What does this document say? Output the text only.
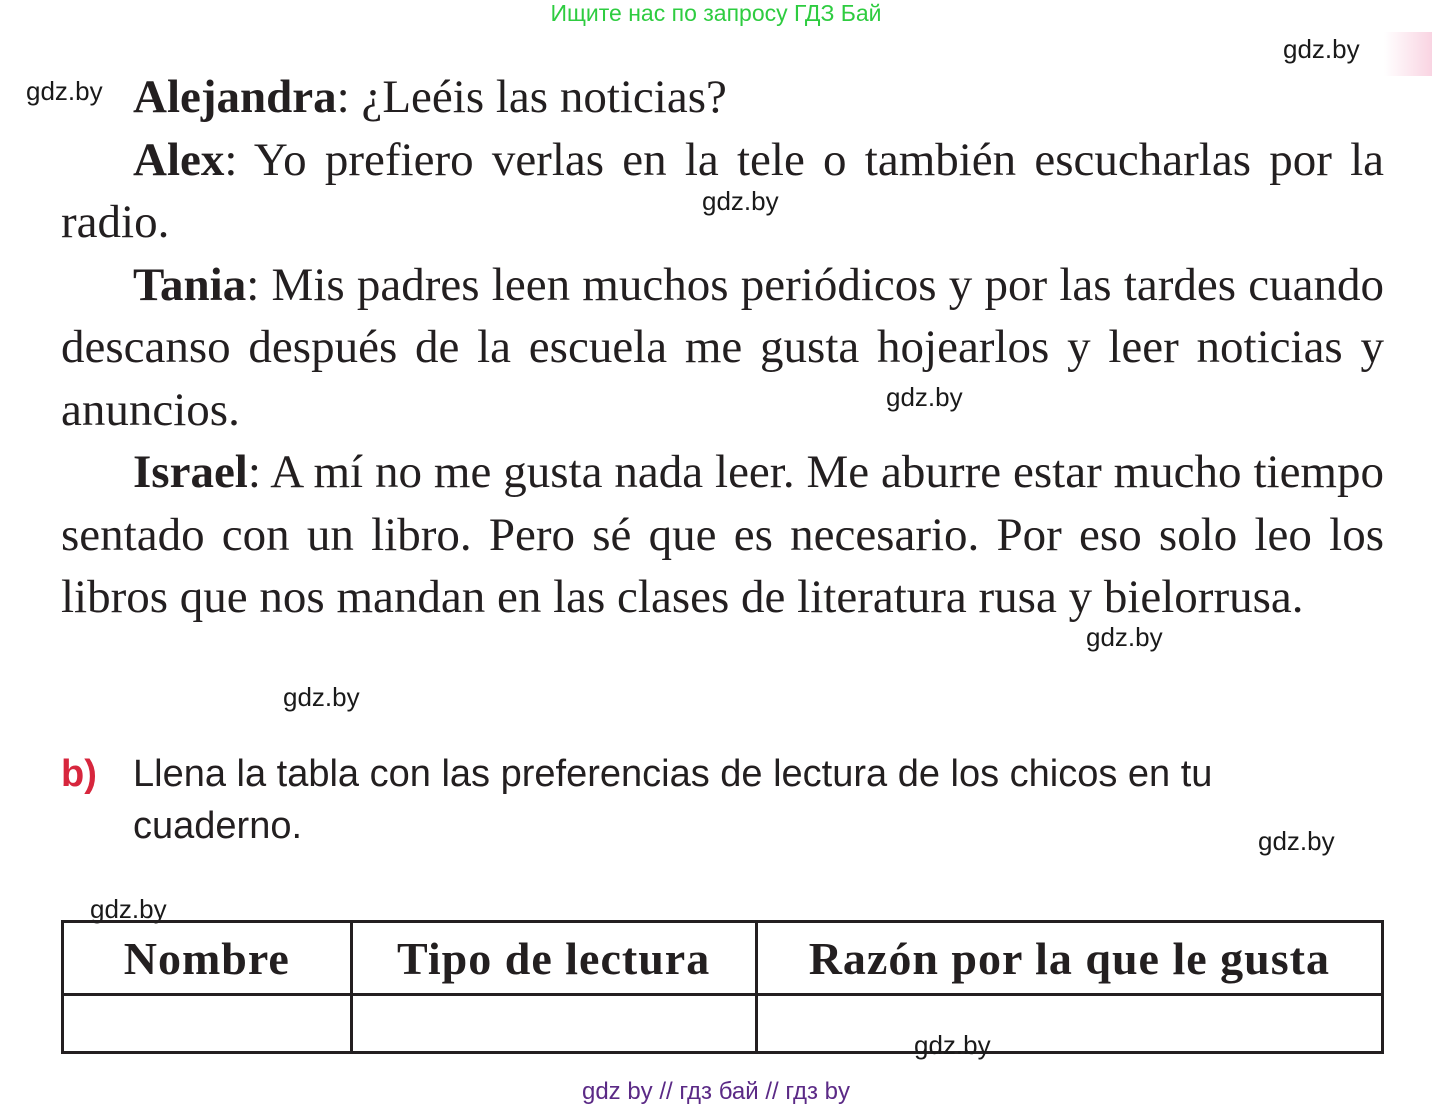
Ищите нас по запросу ГДЗ Бай
gdz.by
gdz.by Alejandra: ¿Leéis las noticias?

Alex: Yo prefiero verlas en la tele o también escucharlas por la radio.

Tania: Mis padres leen muchos periódicos y por las tardes cuando descanso después de la escuela me gusta hojearlos y leer noticias y anuncios.

Israel: A mí no me gusta nada leer. Me aburre estar mucho tiempo sentado con un libro. Pero sé que es necesario. Por eso solo leo los libros que nos mandan en las clases de literatura rusa y bielorrusa.

gdz.by
gdz.by
gdz.by
gdz.by
b) Llena la tabla con las preferencias de lectura de los chicos en tu cuaderno.	gdz.by
gdz.by
Nombre	Tipo de lectura	Razón por la que le gusta

gdz.by
gdz by // гдз бай // гдз by
